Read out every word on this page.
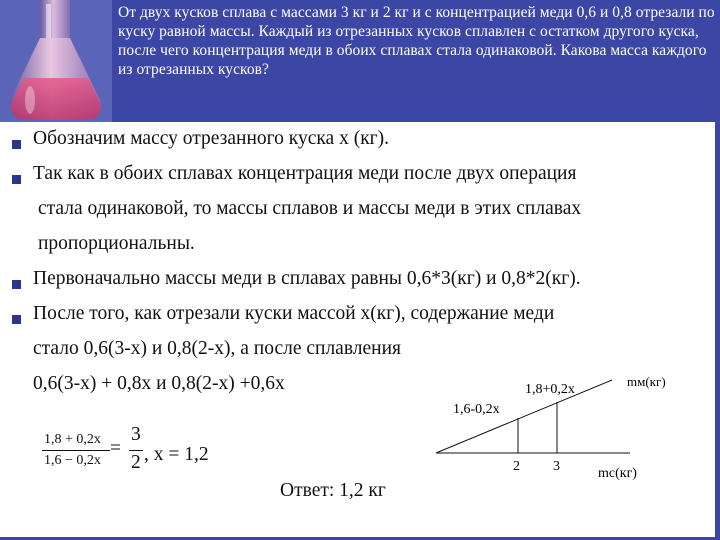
От двух кусков сплава с массами 3 кг и 2 кг и с концентрацией меди 0,6 и 0,8 отрезали по куску равной массы. Каждый из отрезанных кусков сплавлен с остатком другого куска, после чего концентрация меди в обоих сплавах стала одинаковой. Какова масса каждого из отрезанных кусков?
Обозначим массу отрезанного куска х (кг).
Так как в обоих сплавах концентрация меди после двух операция
стала одинаковой, то массы сплавов и массы меди в этих сплавах
пропорциональны.
Первоначально массы меди в сплавах равны 0,6*3(кг) и 0,8*2(кг).
После того, как отрезали куски массой х(кг), содержание меди
стало 0,6(3-х) и 0,8(2-х), а после сплавления
0,6(3-х) + 0,8х и 0,8(2-х) +0,6х
1,8 + 0,2x
1,6 − 0,2x
=
3
2 , х = 1,2
Ответ: 1,2 кг
1,8+0,2х
1,6-0,2х
mм(кг)
2 3	mс(кг)
